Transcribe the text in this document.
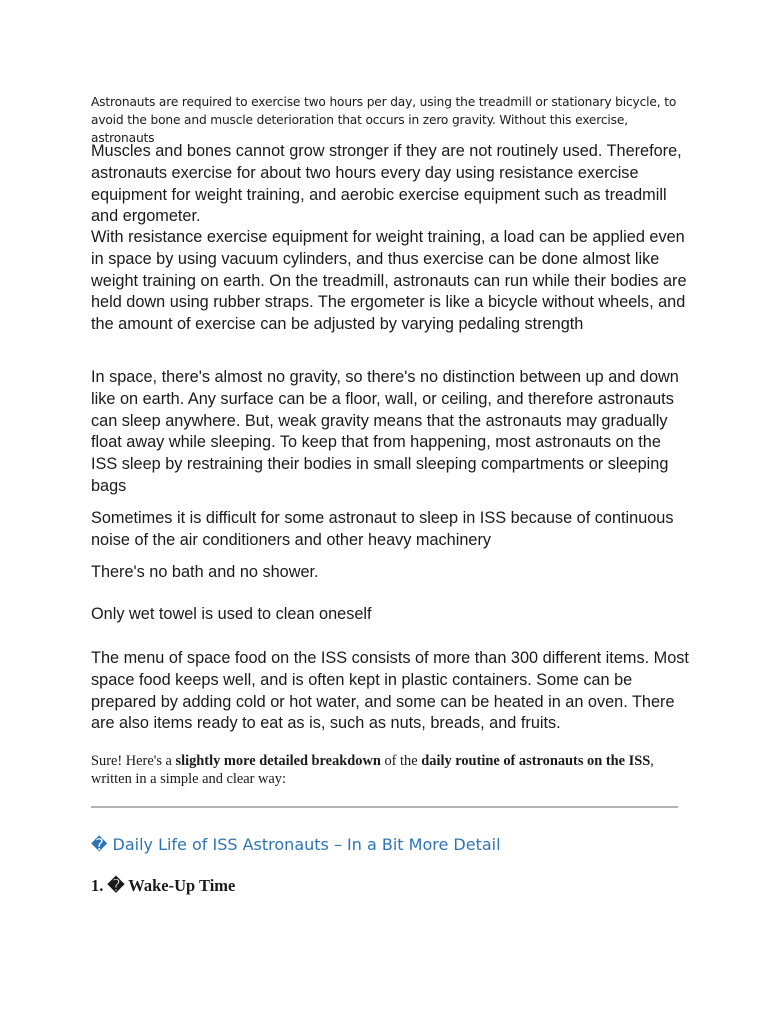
Astronauts are required to exercise two hours per day, using the treadmill or stationary bicycle, to avoid the bone and muscle deterioration that occurs in zero gravity. Without this exercise, astronauts

Muscles and bones cannot grow stronger if they are not routinely used. Therefore, astronauts exercise for about two hours every day using resistance exercise equipment for weight training, and aerobic exercise equipment such as treadmill and ergometer.

With resistance exercise equipment for weight training, a load can be applied even in space by using vacuum cylinders, and thus exercise can be done almost like weight training on earth. On the treadmill, astronauts can run while their bodies are held down using rubber straps. The ergometer is like a bicycle without wheels, and the amount of exercise can be adjusted by varying pedaling strength

In space, there's almost no gravity, so there's no distinction between up and down like on earth. Any surface can be a floor, wall, or ceiling, and therefore astronauts can sleep anywhere. But, weak gravity means that the astronauts may gradually float away while sleeping. To keep that from happening, most astronauts on the ISS sleep by restraining their bodies in small sleeping compartments or sleeping bags

Sometimes it is difficult for some astronaut to sleep in ISS because of continuous noise of the air conditioners and other heavy machinery

There's no bath and no shower.

Only wet towel is used to clean oneself

The menu of space food on the ISS consists of more than 300 different items. Most space food keeps well, and is often kept in plastic containers. Some can be prepared by adding cold or hot water, and some can be heated in an oven. There are also items ready to eat as is, such as nuts, breads, and fruits.

Sure! Here's a slightly more detailed breakdown of the daily routine of astronauts on the ISS, written in a simple and clear way:

� Daily Life of ISS Astronauts – In a Bit More Detail
1. � Wake-Up Time
